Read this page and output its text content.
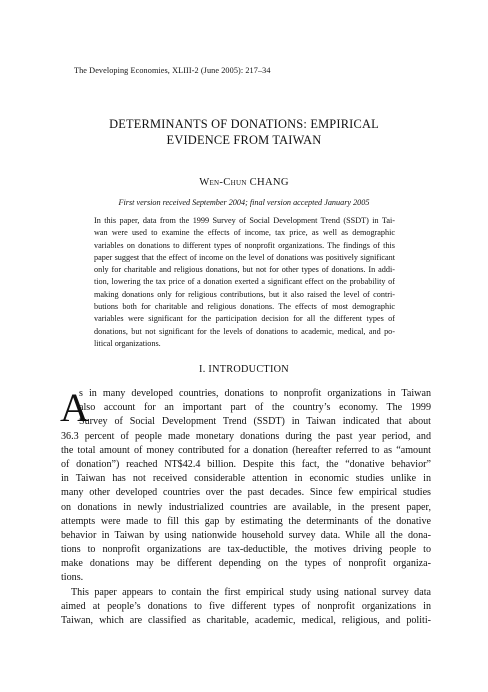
The Developing Economies, XLIII-2 (June 2005): 217–34
DETERMINANTS OF DONATIONS: EMPIRICAL
EVIDENCE FROM TAIWAN
Wen-Chun CHANG
First version received September 2004; final version accepted January 2005
In this paper, data from the 1999 Survey of Social Development Trend (SSDT) in Tai-
wan were used to examine the effects of income, tax price, as well as demographic
variables on donations to different types of nonprofit organizations. The findings of this
paper suggest that the effect of income on the level of donations was positively significant
only for charitable and religious donations, but not for other types of donations. In addi-
tion, lowering the tax price of a donation exerted a significant effect on the probability of
making donations only for religious contributions, but it also raised the level of contri-
butions both for charitable and religious donations. The effects of most demographic
variables were significant for the participation decision for all the different types of
donations, but not significant for the levels of donations to academic, medical, and po-
litical organizations.
I. INTRODUCTION
A
s in many developed countries, donations to nonprofit organizations in Taiwan
also account for an important part of the country’s economy. The 1999
Survey of Social Development Trend (SSDT) in Taiwan indicated that about
36.3 percent of people made monetary donations during the past year period, and
the total amount of money contributed for a donation (hereafter referred to as “amount
of donation”) reached NT$42.4 billion. Despite this fact, the “donative behavior”
in Taiwan has not received considerable attention in economic studies unlike in
many other developed countries over the past decades. Since few empirical studies
on donations in newly industrialized countries are available, in the present paper,
attempts were made to fill this gap by estimating the determinants of the donative
behavior in Taiwan by using nationwide household survey data. While all the dona-
tions to nonprofit organizations are tax-deductible, the motives driving people to
make donations may be different depending on the types of nonprofit organiza-
tions.
This paper appears to contain the first empirical study using national survey data
aimed at people’s donations to five different types of nonprofit organizations in
Taiwan, which are classified as charitable, academic, medical, religious, and politi-
